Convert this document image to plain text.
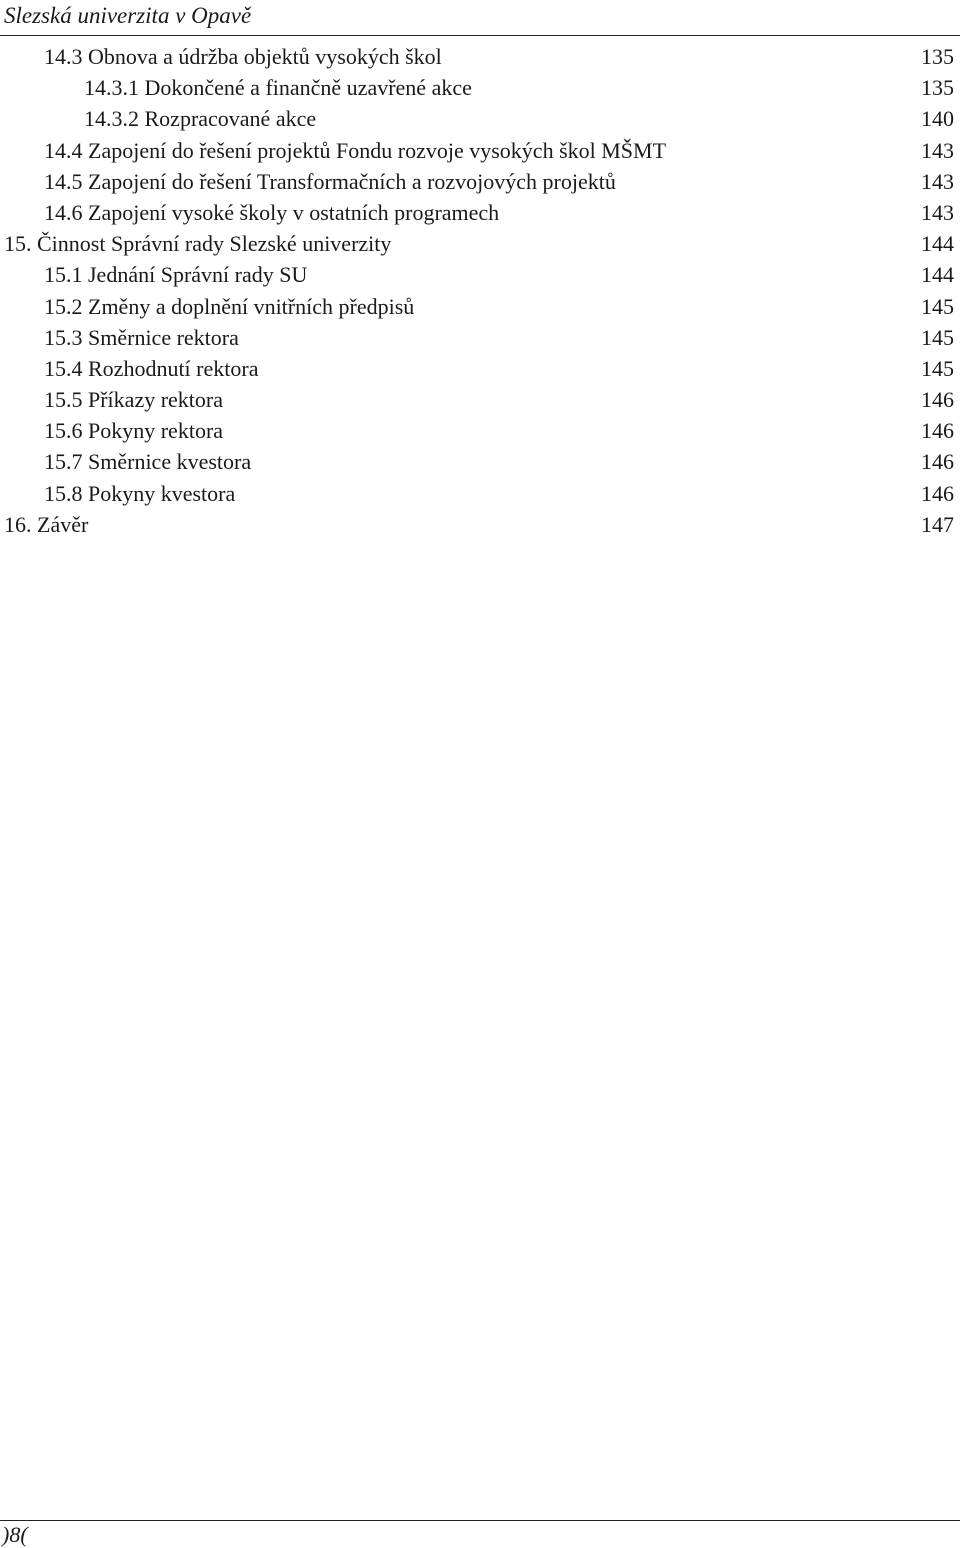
Slezská univerzita v Opavě
14.3 Obnova a údržba objektů vysokých škol	135
14.3.1 Dokončené a finančně uzavřené akce	135
14.3.2 Rozpracované akce	140
14.4 Zapojení do řešení projektů Fondu rozvoje vysokých škol MŠMT	143
14.5 Zapojení do řešení Transformačních a rozvojových projektů	143
14.6 Zapojení vysoké školy v ostatních programech	143
15. Činnost Správní rady Slezské univerzity	144
15.1 Jednání Správní rady SU	144
15.2 Změny a doplnění vnitřních předpisů	145
15.3 Směrnice rektora	145
15.4 Rozhodnutí rektora	145
15.5 Příkazy rektora	146
15.6 Pokyny rektora	146
15.7 Směrnice kvestora	146
15.8 Pokyny kvestora	146
16. Závěr	147
)8(
